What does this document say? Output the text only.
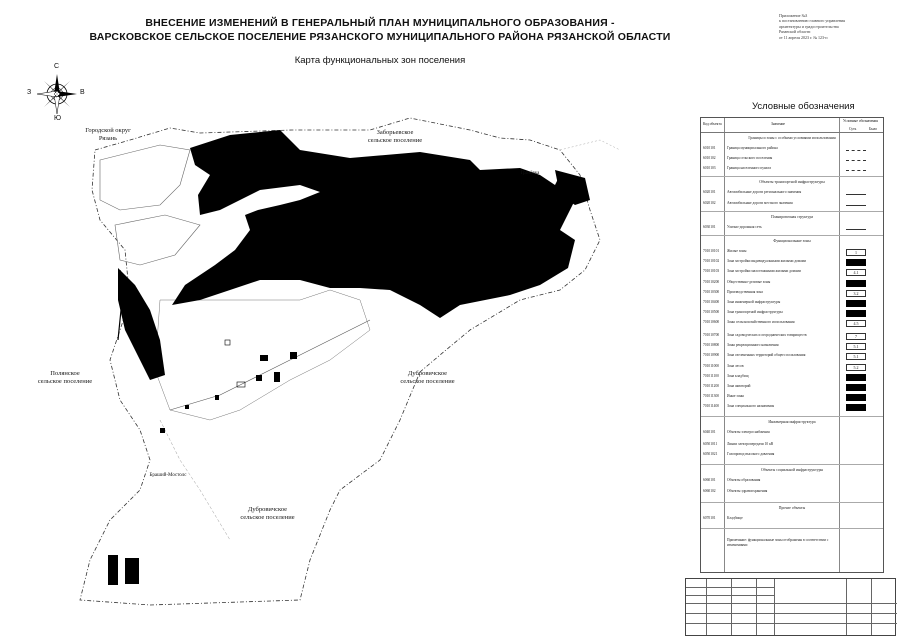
ВНЕСЕНИЕ ИЗМЕНЕНИЙ В ГЕНЕРАЛЬНЫЙ ПЛАН МУНИЦИПАЛЬНОГО ОБРАЗОВАНИЯ -
ВАРСКОВСКОЕ СЕЛЬСКОЕ ПОСЕЛЕНИЕ РЯЗАНСКОГО МУНИЦИПАЛЬНОГО РАЙОНА РЯЗАНСКОЙ ОБЛАСТИ
Карта функциональных зон поселения
Приложение №3
к постановлению главного управления
архитектуры и градостроительства
Рязанской области
от 11 апреля 2023 г. № 123-п
С
Ю
З	В
Городской округ
Рязань
Заборьевское
сельское поселение
Полянское
сельское поселение
Дубровичское
сельское поселение
Дубровичское
сельское поселение
Грачёвка
Браший-Мостолс
Условные обозначения
Код объекта	Значение
Условные обозначения
Суть	Было
Границы и зоны с особыми условиями использования
6010101	Граница муниципального района
6010102	Граница сельского поселения
6010103	Граница населенного пункта
Объекты транспортной инфраструктуры
6020101	Автомобильные дороги регионального значения
6020102	Автомобильные дороги местного значения
Планировочная структура
6030101	Улично-дорожная сеть
Функциональные зоны
701010101	Жилые зоны	1
701010102	Зона застройки индивидуальными жилыми домами
701010103	Зона застройки малоэтажными жилыми домами	4.1
701010200	Общественно-деловые зоны
701010300	Производственная зона	3.2
701010400	Зона инженерной инфраструктуры
701010500	Зона транспортной инфраструктуры
701010600	Зоны сельскохозяйственного использования	4.5
701010700	Зона садоводческих и огороднических товариществ	7
701010800	Зоны рекреационного назначения	5.1
701010900	Зона озелененных территорий общего пользования	5.1
701011000	Зона лесов	5.2
701011100	Зона кладбищ
701011200	Зона акваторий
701011300	Иные зоны
701011400	Зона специального назначения
Инженерная инфраструктура
6040101	Объекты электроснабжения
60501011	Линии электропередачи 10 кВ
60501021	Газопровод высокого давления
Объекты социальной инфраструктуры
6060101	Объекты образования
6060102	Объекты здравоохранения
Прочие объекты
6070101	Кладбище
Примечание: функциональные зоны отображены в соответствии с изменениями
